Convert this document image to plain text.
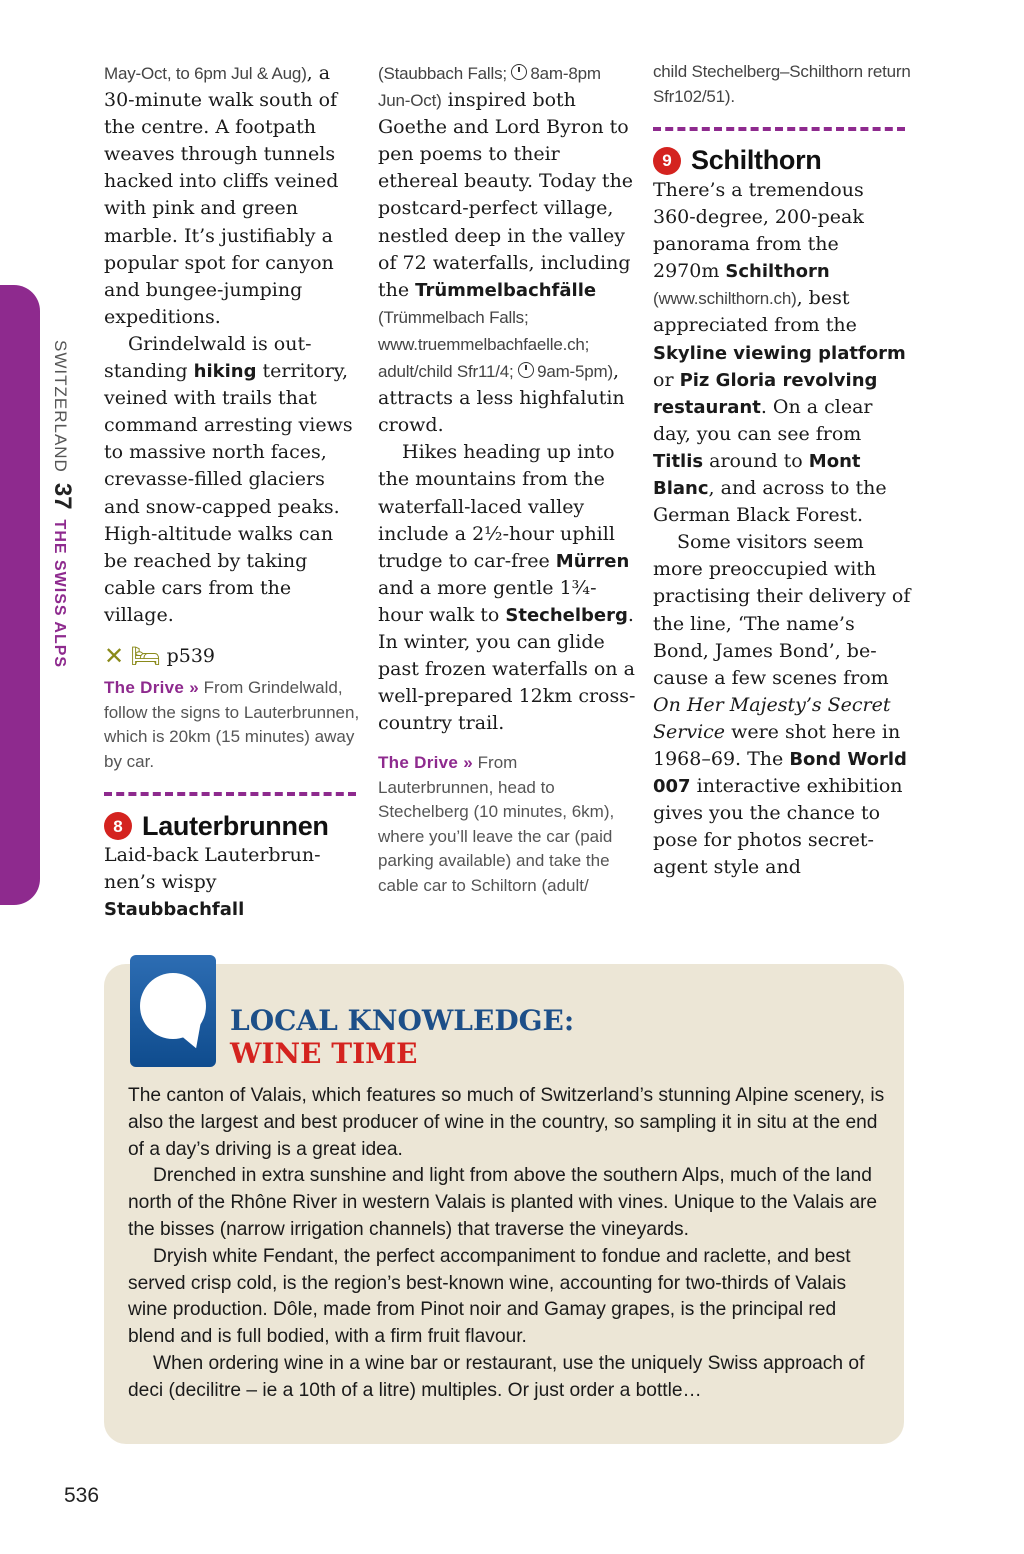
SWITZERLAND
37
THE SWISS ALPS

May-Oct, to 6pm Jul & Aug), a 30-minute walk south of the centre. A footpath weaves through tunnels hacked into cliffs veined with pink and green marble. It’s justifiably a popular spot for canyon and bungee-jumping expeditions.

Grindelwald is outstanding hiking territory, veined with trails that command arresting views to massive north faces, crevasse-filled glaciers and snow-capped peaks. High-altitude walks can be reached by taking cable cars from the village.

✕ 🛏 p539
The Drive » From Grindelwald, follow the signs to Lauterbrunnen, which is 20km (15 minutes) away by car.
8 Lauterbrunnen

Laid-back Lauterbrunnen’s wispy Staubbachfall

(Staubbach Falls; 8am-8pm Jun-Oct) inspired both Goethe and Lord Byron to pen poems to their ethereal beauty. Today the postcard-perfect village, nestled deep in the valley of 72 waterfalls, including the Trümmelbachfälle (Trümmelbach Falls; www.truemmelbachfaelle.ch; adult/child Sfr11/4; 9am-5pm), attracts a less highfalutin crowd.

Hikes heading up into the mountains from the waterfall-laced valley include a 2½-hour uphill trudge to car-free Mürren and a more gentle 1¾-hour walk to Stechelberg. In winter, you can glide past frozen waterfalls on a well-prepared 12km cross-country trail.

The Drive » From Lauterbrunnen, head to Stechelberg (10 minutes, 6km), where you’ll leave the car (paid parking available) and take the cable car to Schiltorn (adult/

child Stechelberg–Schilthorn return Sfr102/51).

9 Schilthorn

There’s a tremendous 360-degree, 200-peak panorama from the 2970m Schilthorn (www.schilthorn.ch), best appreciated from the Skyline viewing platform or Piz Gloria revolving restaurant. On a clear day, you can see from Titlis around to Mont Blanc, and across to the German Black Forest.

Some visitors seem more preoccupied with practising their delivery of the line, ‘The name’s Bond, James Bond’, because a few scenes from On Her Majesty’s Secret Service were shot here in 1968–69. The Bond World 007 interactive exhibition gives you the chance to pose for photos secret-agent style and

LOCAL KNOWLEDGE:
WINE TIME

The canton of Valais, which features so much of Switzerland’s stunning Alpine scenery, is also the largest and best producer of wine in the country, so sampling it in situ at the end of a day’s driving is a great idea.

Drenched in extra sunshine and light from above the southern Alps, much of the land north of the Rhône River in western Valais is planted with vines. Unique to the Valais are the bisses (narrow irrigation channels) that traverse the vineyards.

Dryish white Fendant, the perfect accompaniment to fondue and raclette, and best served crisp cold, is the region’s best-known wine, accounting for two-thirds of Valais wine production. Dôle, made from Pinot noir and Gamay grapes, is the principal red blend and is full bodied, with a firm fruit flavour.

When ordering wine in a wine bar or restaurant, use the uniquely Swiss approach of deci (decilitre – ie a 10th of a litre) multiples. Or just order a bottle…

536
